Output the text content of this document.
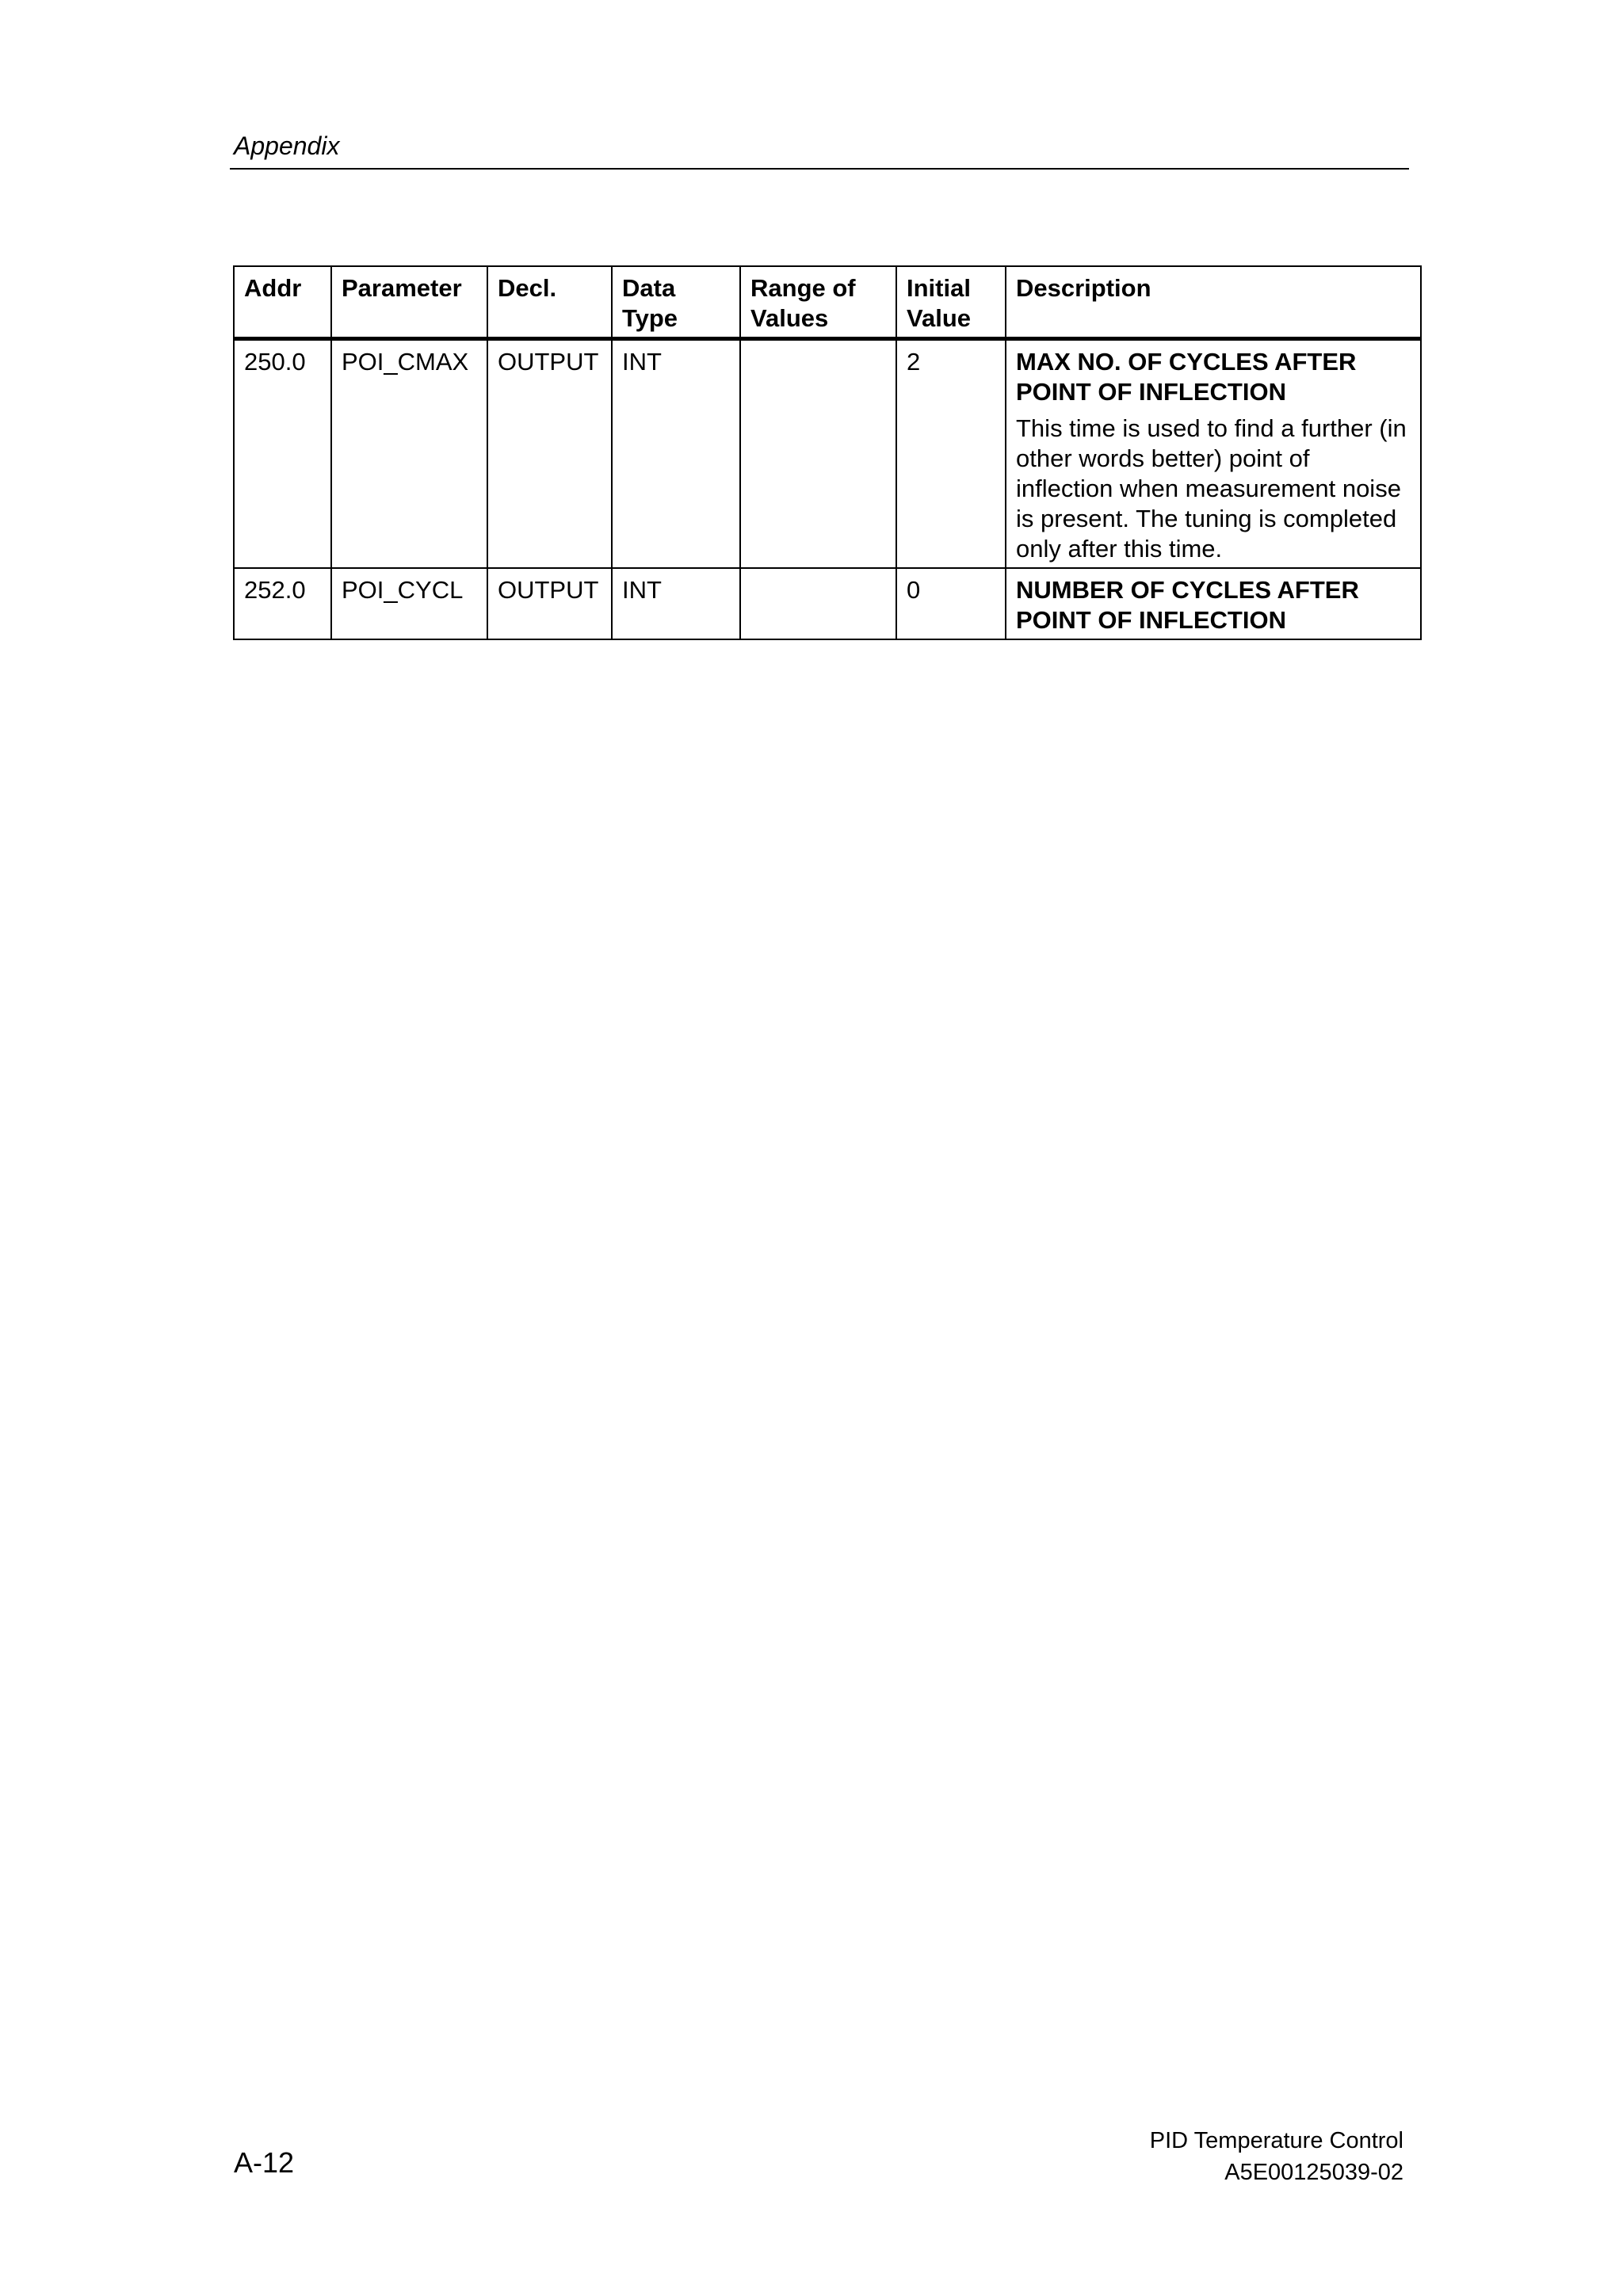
Appendix
Addr	Parameter	Decl.	Data Type	Range of Values	Initial Value	Description
250.0	POI_CMAX	OUTPUT	INT		2	MAX NO. OF CYCLES AFTER POINT OF INFLECTION

This time is used to find a further (in other words better) point of inflection when measurement noise is present. The tuning is completed only after this time.

252.0	POI_CYCL	OUTPUT	INT		0	NUMBER OF CYCLES AFTER POINT OF INFLECTION

A-12
PID Temperature Control
A5E00125039-02
